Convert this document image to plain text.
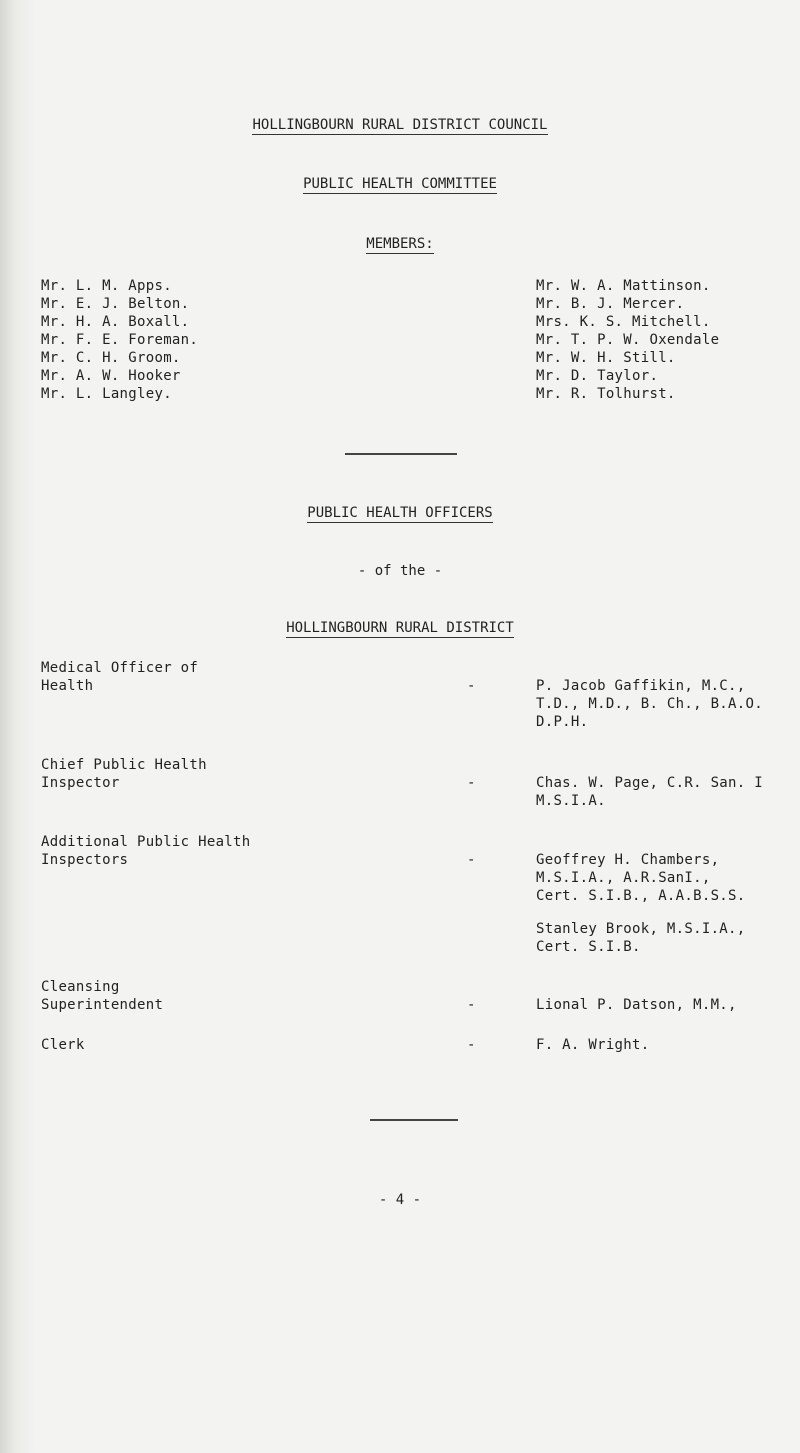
HOLLINGBOURN RURAL DISTRICT COUNCIL
PUBLIC HEALTH COMMITTEE
MEMBERS:
Mr. L. M. Apps.
Mr. E. J. Belton.
Mr. H. A. Boxall.
Mr. F. E. Foreman.
Mr. C. H. Groom.
Mr. A. W. Hooker
Mr. L. Langley.
Mr. W. A. Mattinson.
Mr. B. J. Mercer.
Mrs. K. S. Mitchell.
Mr. T. P. W. Oxendale
Mr. W. H. Still.
Mr. D. Taylor.
Mr. R. Tolhurst.
PUBLIC HEALTH OFFICERS
- of the -
HOLLINGBOURN RURAL DISTRICT
Medical Officer of
Health	-	P. Jacob Gaffikin, M.C.,
T.D., M.D., B. Ch., B.A.O.
D.P.H.
Chief Public Health
Inspector	-	Chas. W. Page, C.R. San. I
M.S.I.A.
Additional Public Health
Inspectors	-	Geoffrey H. Chambers,
M.S.I.A., A.R.SanI.,
Cert. S.I.B., A.A.B.S.S.
Stanley Brook, M.S.I.A.,
Cert. S.I.B.
Cleansing
Superintendent	-	Lional P. Datson, M.M.,
Clerk	-	F. A. Wright.
- 4 -
